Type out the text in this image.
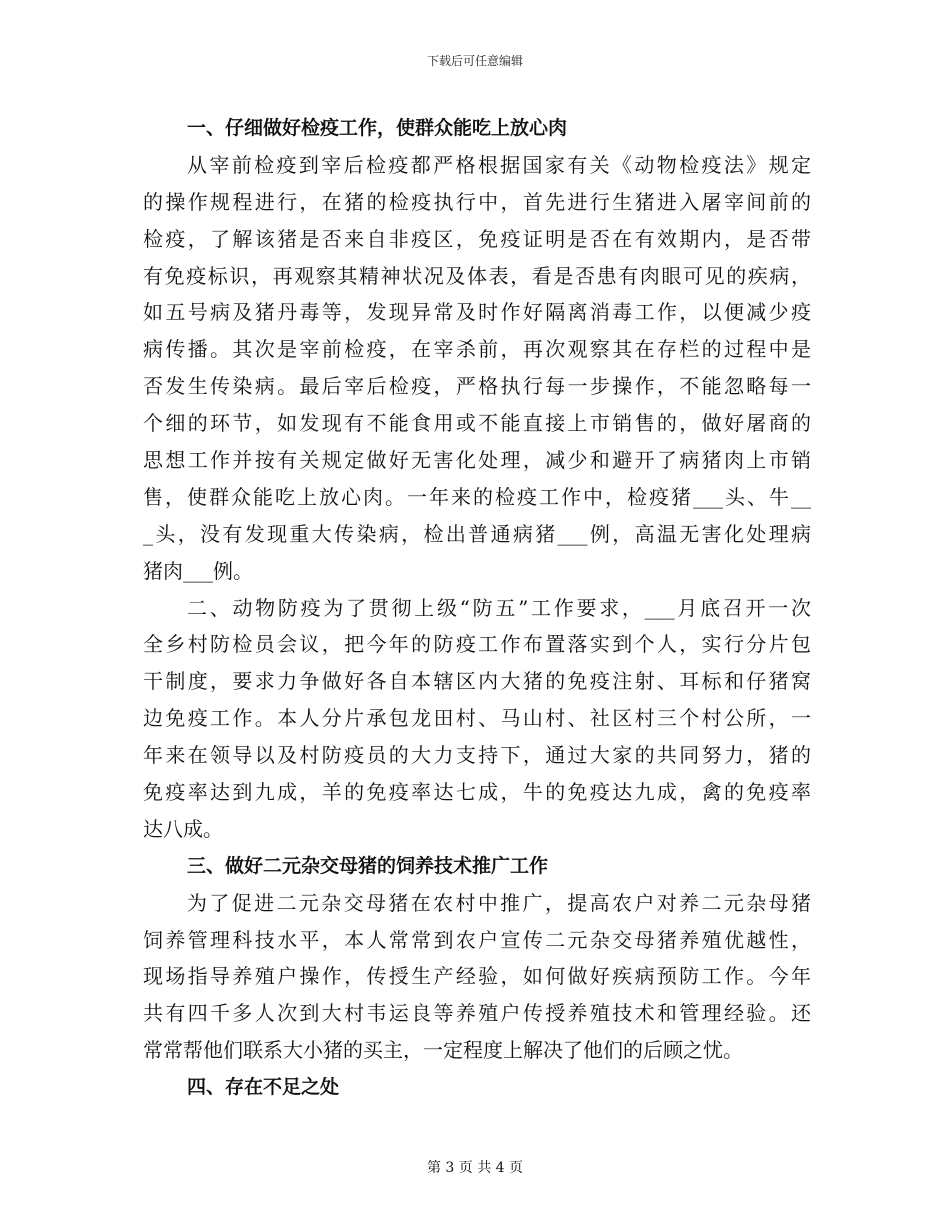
下载后可任意编辑
一、仔细做好检疫工作，使群众能吃上放心肉
从宰前检疫到宰后检疫都严格根据国家有关《动物检疫法》规定
的操作规程进行，在猪的检疫执行中，首先进行生猪进入屠宰间前的
检疫，了解该猪是否来自非疫区，免疫证明是否在有效期内，是否带
有免疫标识，再观察其精神状况及体表，看是否患有肉眼可见的疾病，
如五号病及猪丹毒等，发现异常及时作好隔离消毒工作，以便减少疫
病传播。其次是宰前检疫，在宰杀前，再次观察其在存栏的过程中是
否发生传染病。最后宰后检疫，严格执行每一步操作，不能忽略每一
个细的环节，如发现有不能食用或不能直接上市销售的，做好屠商的
思想工作并按有关规定做好无害化处理，减少和避开了病猪肉上市销
售，使群众能吃上放心肉。一年来的检疫工作中，检疫猪___头、牛__
_头，没有发现重大传染病，检出普通病猪___例，高温无害化处理病
猪肉___例。
二、动物防疫为了贯彻上级“防五”工作要求，___月底召开一次
全乡村防检员会议，把今年的防疫工作布置落实到个人，实行分片包
干制度，要求力争做好各自本辖区内大猪的免疫注射、耳标和仔猪窝
边免疫工作。本人分片承包龙田村、马山村、社区村三个村公所，一
年来在领导以及村防疫员的大力支持下，通过大家的共同努力，猪的
免疫率达到九成，羊的免疫率达七成，牛的免疫达九成，禽的免疫率
达八成。
三、做好二元杂交母猪的饲养技术推广工作
为了促进二元杂交母猪在农村中推广，提高农户对养二元杂母猪
饲养管理科技水平，本人常常到农户宣传二元杂交母猪养殖优越性，
现场指导养殖户操作，传授生产经验，如何做好疾病预防工作。今年
共有四千多人次到大村韦运良等养殖户传授养殖技术和管理经验。还
常常帮他们联系大小猪的买主，一定程度上解决了他们的后顾之忧。
四、存在不足之处
第 3 页 共 4 页
